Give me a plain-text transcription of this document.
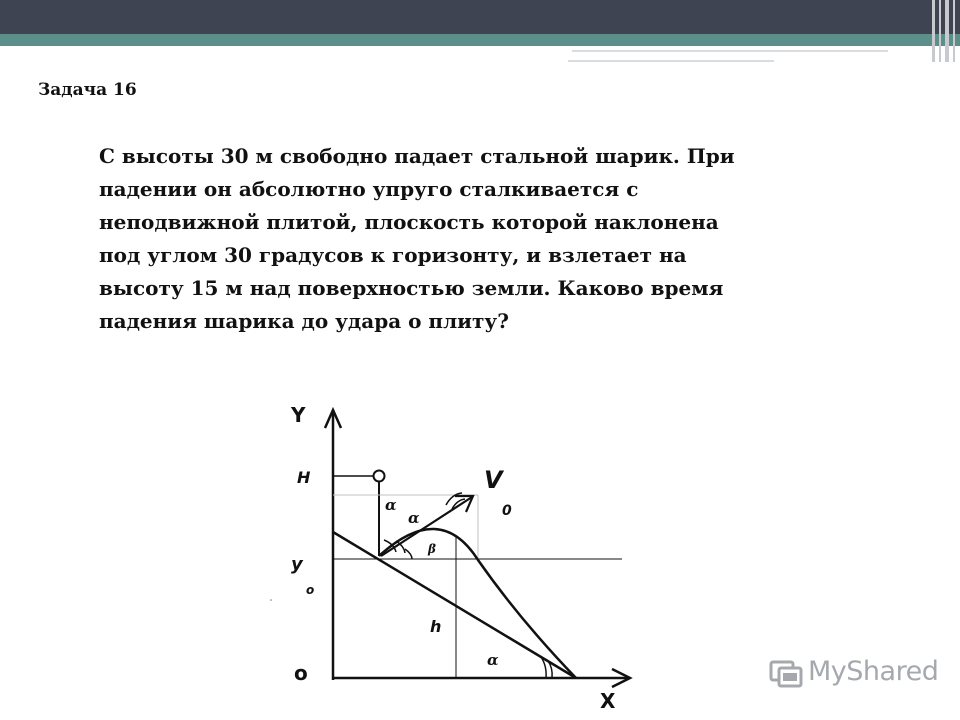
Задача 16

С высоты 30 м свободно падает стальной шарик. При
падении он абсолютно упруго сталкивается с
неподвижной плитой, плоскость которой наклонена
под углом 30 градусов к горизонту, и взлетает на
высоту 15 м над поверхностью земли. Каково время
падения шарика до удара о плиту?

Y
X
H
y
o
o
V
0
α
α
β
h
α	MyShared
